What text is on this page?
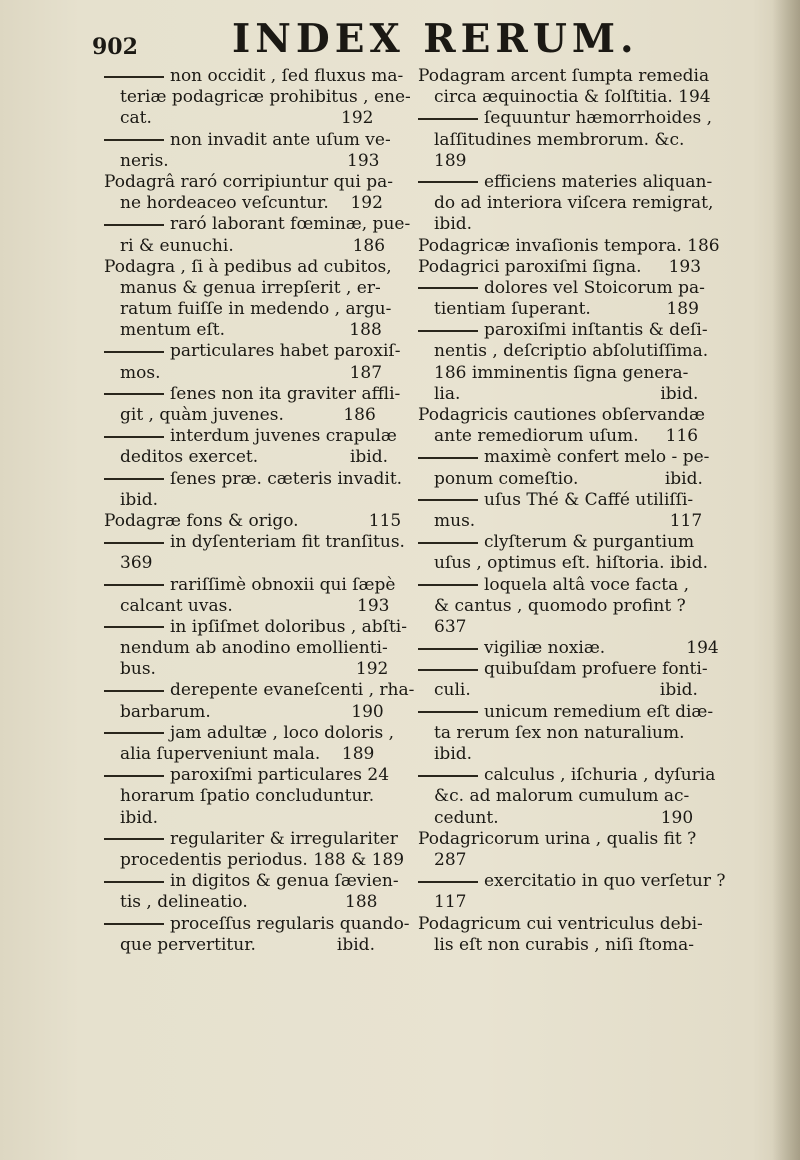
902 INDEX RERUM.
non occidit , ſed fluxus ma-
teriæ podagricæ prohibitus , ene-
cat.                                   192
non invadit ante uſum ve-
neris.                                 193
Podagrâ raró corripiuntur qui pa-
ne hordeaceo veſcuntur.    192
raró laborant fœminæ, pue-
ri & eunuchi.                      186
Podagra , ſi à pedibus ad cubitos,
manus & genua irrepſerit , er-
ratum fuiſſe in medendo , argu-
mentum eſt.                       188
particulares habet paroxiſ-
mos.                                   187
ſenes non ita graviter affli-
git , quàm juvenes.           186
interdum juvenes crapulæ
deditos exercet.                 ibid.
ſenes præ. cæteris invadit.
ibid.
Podagræ fons & origo.             115
in dyſenteriam fit tranſitus.
369
rariſſimè obnoxii qui ſæpè
calcant uvas.                       193
in ipſiſmet doloribus , abſti-
nendum ab anodino emollienti-
bus.                                     192
derepente evaneſcenti , rha-
barbarum.                          190
jam adultæ , loco doloris ,
alia ſuperveniunt mala.    189
paroxiſmi particulares 24
horarum ſpatio concluduntur.
ibid.
regulariter & irregulariter
procedentis periodus. 188 & 189
in digitos & genua ſævien-
tis , delineatio.                  188
proceſſus regularis quando-
que pervertitur.               ibid.
Podagram arcent ſumpta remedia
circa æquinoctia & ſolſtitia. 194
ſequuntur hæmorrhoides ,
laſſitudines membrorum. &c.
189
efficiens materies aliquan-
do ad interiora viſcera remigrat,
ibid.
Podagricæ invaſionis tempora. 186
Podagrici paroxiſmi ſigna.     193
dolores vel Stoicorum pa-
tientiam ſuperant.              189
paroxiſmi inſtantis & deſi-
nentis , deſcriptio abſolutiſſima.
186 imminentis ſigna genera-
lia.                                     ibid.
Podagricis cautiones obſervandæ
ante remediorum uſum.     116
maximè confert melo - pe-
ponum comeſtio.                ibid.
uſus Thé & Caffé utiliſſi-
mus.                                    117
clyſterum & purgantium
uſus , optimus eſt. hiſtoria. ibid.
loquela altâ voce facta ,
& cantus , quomodo profint ?
637
vigiliæ noxiæ.               194
quibuſdam profuere fonti-
culi.                                   ibid.
unicum remedium eſt diæ-
ta rerum ſex non naturalium.
ibid.
calculus , iſchuria , dyſuria
&c. ad malorum cumulum ac-
cedunt.                              190
Podagricorum urina , qualis fit ?
287
exercitatio in quo verſetur ?
117
Podagricum cui ventriculus debi-
lis eſt non curabis , niſi ſtoma-
